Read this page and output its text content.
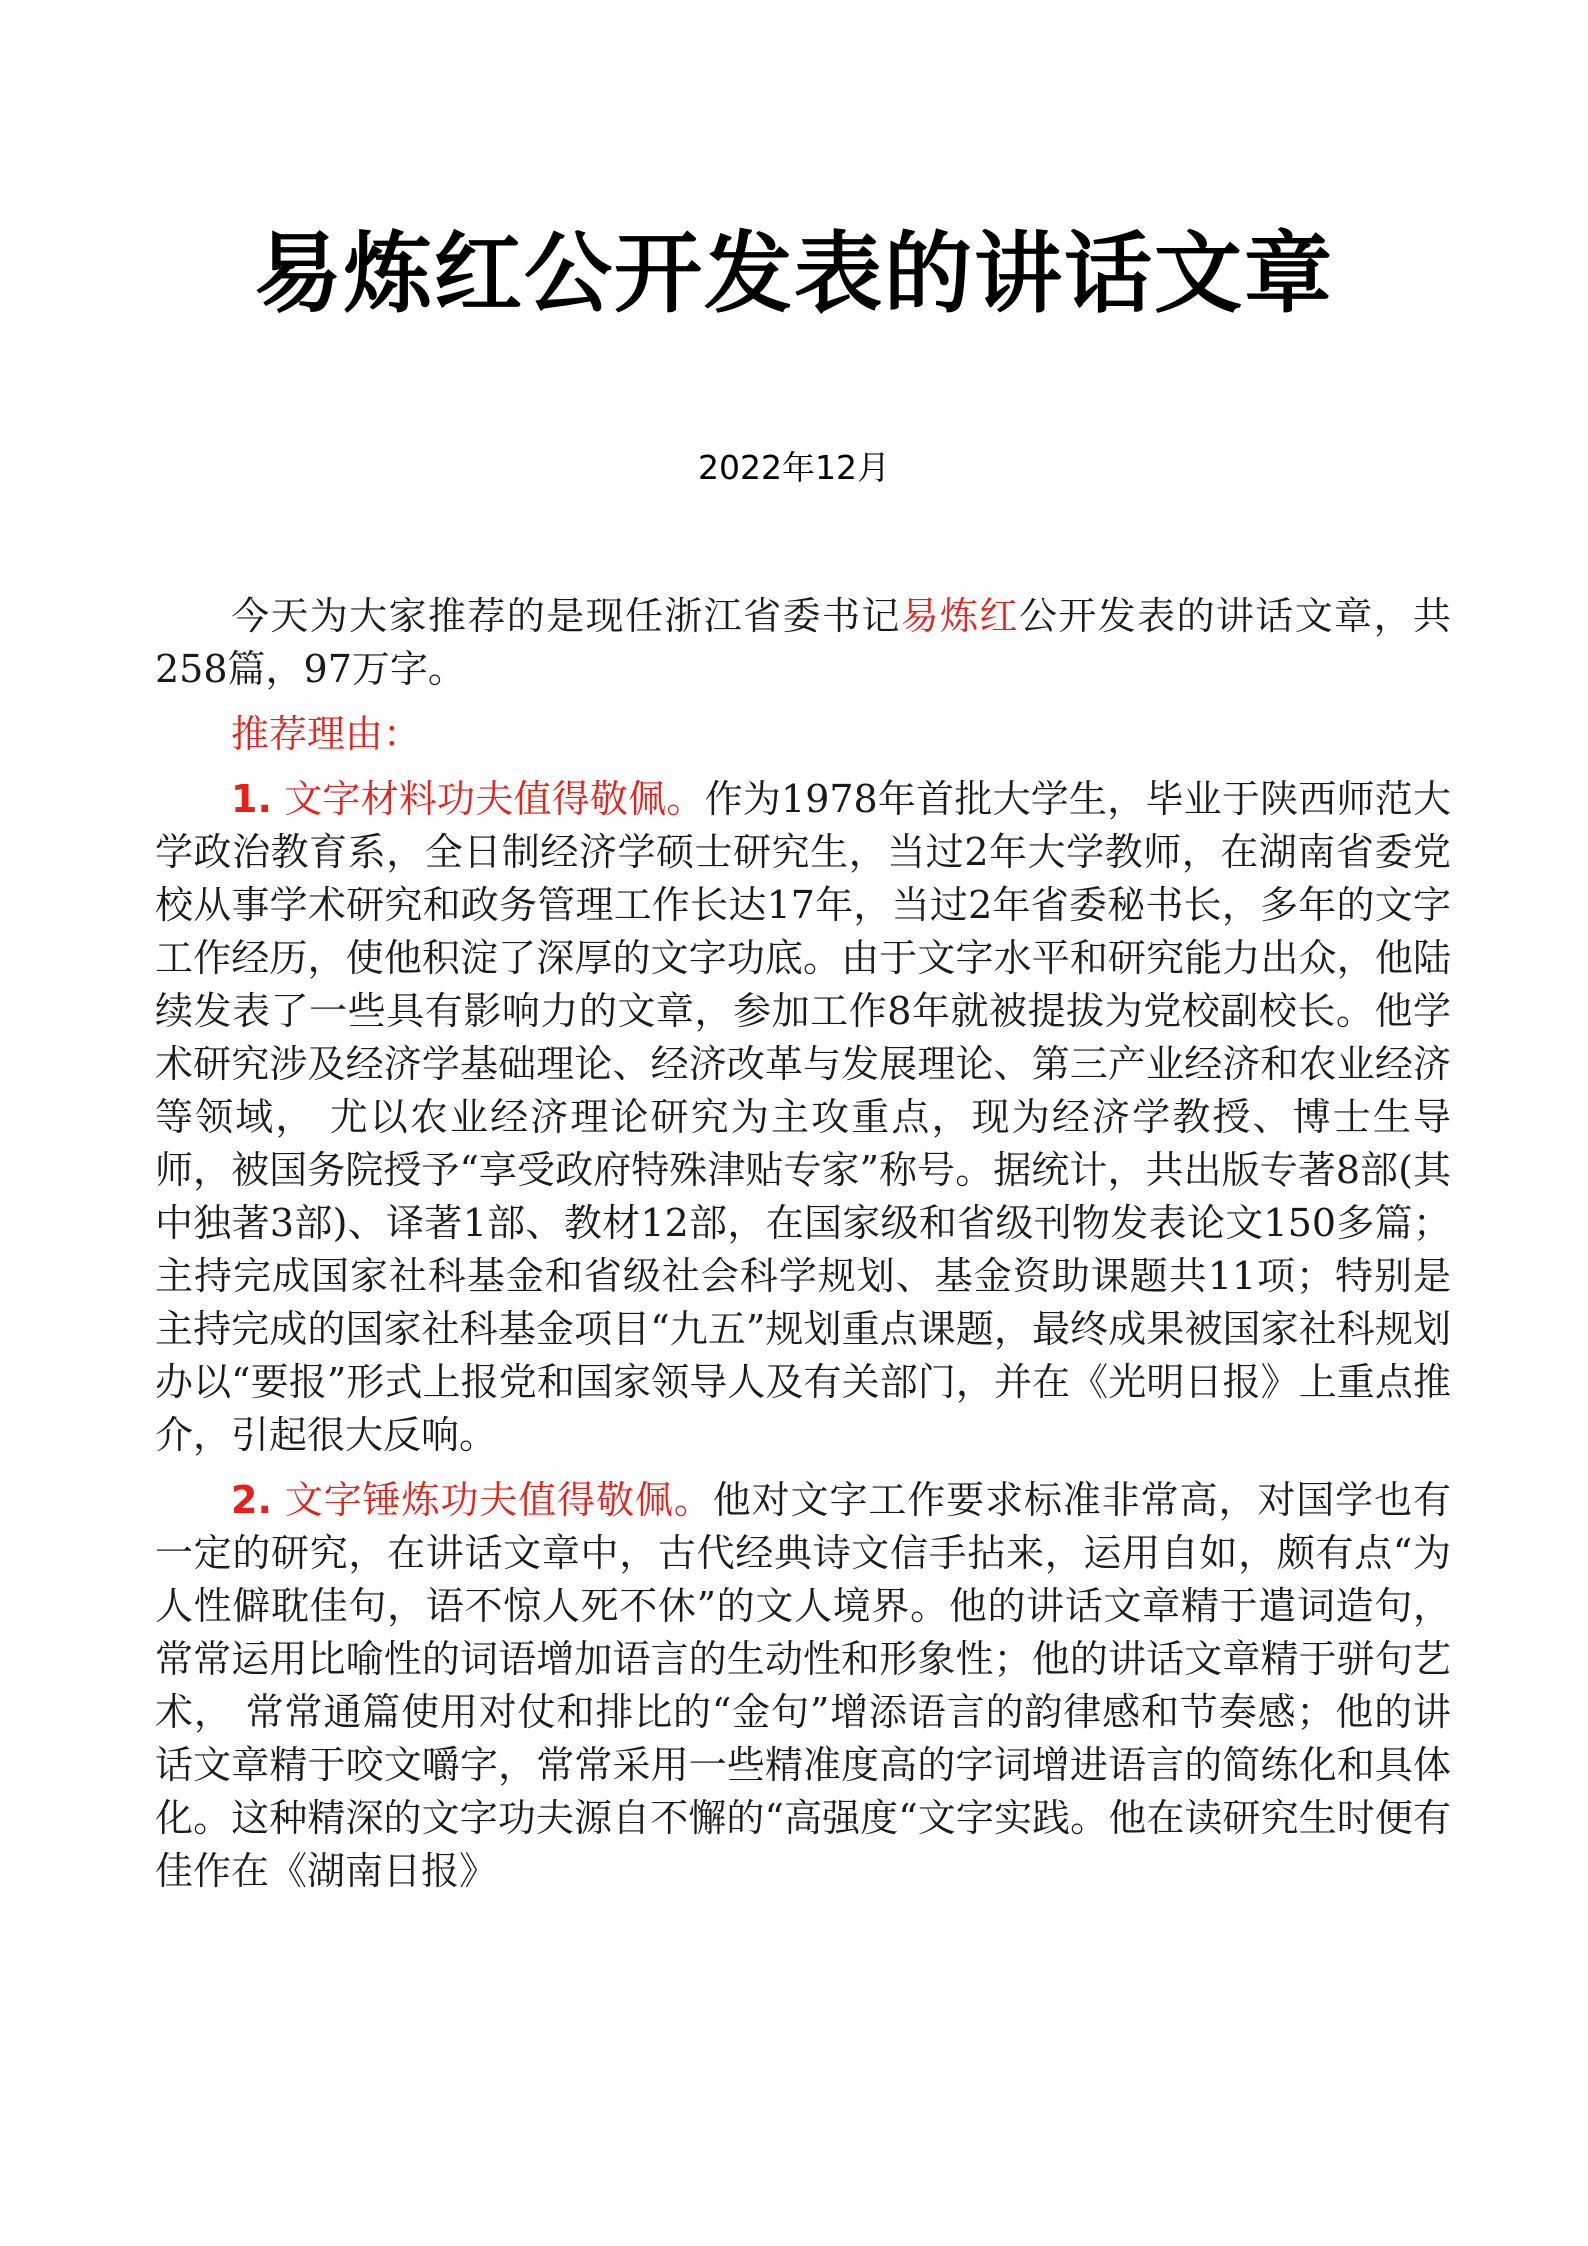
易炼红公开发表的讲话文章
2022年12月

今天为大家推荐的是现任浙江省委书记易炼红公开发表的讲话文章，共258篇，97万字。

推荐理由：

1. 文字材料功夫值得敬佩。作为1978年首批大学生，毕业于陕西师范大学政治教育系，全日制经济学硕士研究生，当过2年大学教师，在湖南省委党校从事学术研究和政务管理工作长达17年，当过2年省委秘书长，多年的文字工作经历，使他积淀了深厚的文字功底。由于文字水平和研究能力出众，他陆续发表了一些具有影响力的文章，参加工作8年就被提拔为党校副校长。他学术研究涉及经济学基础理论、经济改革与发展理论、第三产业经济和农业经济等领域， 尤以农业经济理论研究为主攻重点，现为经济学教授、博士生导师，被国务院授予“享受政府特殊津贴专家”称号。据统计，共出版专著8部(其中独著3部)、译著1部、教材12部，在国家级和省级刊物发表论文150多篇；主持完成国家社科基金和省级社会科学规划、基金资助课题共11项；特别是主持完成的国家社科基金项目“九五”规划重点课题，最终成果被国家社科规划办以“要报”形式上报党和国家领导人及有关部门，并在《光明日报》上重点推介，引起很大反响。

2. 文字锤炼功夫值得敬佩。他对文字工作要求标准非常高，对国学也有一定的研究，在讲话文章中，古代经典诗文信手拈来，运用自如，颇有点“为人性僻耽佳句，语不惊人死不休”的文人境界。他的讲话文章精于遣词造句，常常运用比喻性的词语增加语言的生动性和形象性；他的讲话文章精于骈句艺术， 常常通篇使用对仗和排比的“金句”增添语言的韵律感和节奏感；他的讲话文章精于咬文嚼字，常常采用一些精准度高的字词增进语言的简练化和具体化。这种精深的文字功夫源自不懈的“高强度“文字实践。他在读研究生时便有佳作在《湖南日报》
